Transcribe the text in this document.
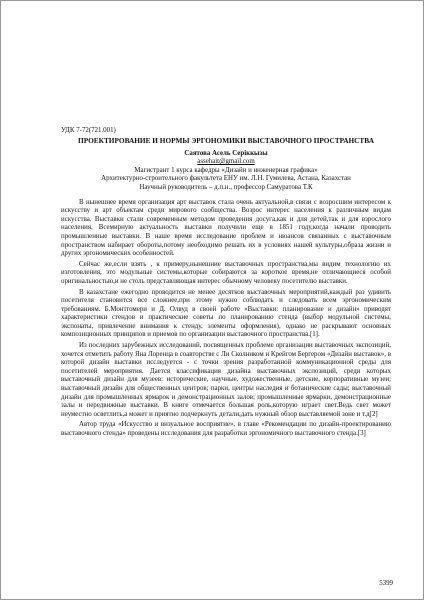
УДК 7-72(721.001)

ПРОЕКТИРОВАНИЕ И НОРМЫ ЭРГОНОМИКИ ВЫСТАВОЧНОГО ПРОСТРАНСТВА
Саятова Асель Серіккызы
assehait@gmail.com
Магистрант 1 курса кафедры «Дизайн и инженерная графика»
Архитектурно-строительного факультета ЕНУ им. Л.Н. Гумилева, Астана, Казахстан
Научный руководитель – д.п.н., профессор Самуратова Т.К

В нынешнее время организация арт выставок стала очень актуальной,в связи с возросшим интересом к искусству и арт объектам среди мирового сообщества. Возрос интерес населения к различным видам искусства. Выставки стали современным методом проведения досуга,как и для детей,так и для взрослого населения. Всемирную актуальность выставки получили еще в 1851 году,когда начали проводить промышленные выставки. В наше время исследование проблем и нюансов связанных с выставочным пространством набирает обороты,потому необходимо решать их в условиях нашей культуры,образа жизни и других эргономических особенностей.

Сейчас же,если взять , к примеру,нынешние выставочных пространства,мы видим технологию их изготовления, это модульные системы,которые собираются за короткое время,не отличающиеся особой оригинальностью,и не столь представляющая интерес обычному человеку посетителю выставки.

В казахстане ежегодно проводится не менее десятков выставочных мероприятий,каждый раз удивить посетителя становится все сложнее,при этому нужно соблюдать и следовать всем эргономическим требованиям. Б.Монтгомери и Д. Олвуд в своей работе «Выставки: планирование и дизайн» приводят характеристики стендов и практические советы по планированию стенда (выбор модульной системы, экспонаты, привлечение внимания к стенду, элементы оформления), однако не раскрывают основных композиционных принципов и приемов по организации выставочного пространства.[1].

Из последних зарубежных исследований, посвященных проблеме организации выставочных экспозиций, хочется отметить работу Яна Лоренца в соавторстве с Ли Сколником и Крейгом Бергером «Дизайн выставок», в которой дизайн выставки исследуется - с точки зрения разработанной коммуникационной среды для посетителей мероприятия. Дается классификация дизайна выставочных экспозиций, среди которых выставочный дизайн для музеев: исторические, научные, художественные, детские, корпоративные музеи; выставочный дизайн для общественных центров; парки, центры наследия и ботанические сады; выставочный дизайн для промышленных ярмарок и демонстрационных залов; промышленные ярмарки, демонстрационные залы и передвижные выставки. В книге отмечается большая роль,которую играет свет.Ведь свет может неуместно осветлить,а может и приятно подчеркнуть детали,дать нужный обзор выставляемой зоне и т.д[2]

Автор труда «Искусство и визуальное восприятие», в главе «Рекомендации по дизайн-проектированию выставочного стенда» проведены исследования для разработки эргономичного выставочного стенда.[3]

5399
